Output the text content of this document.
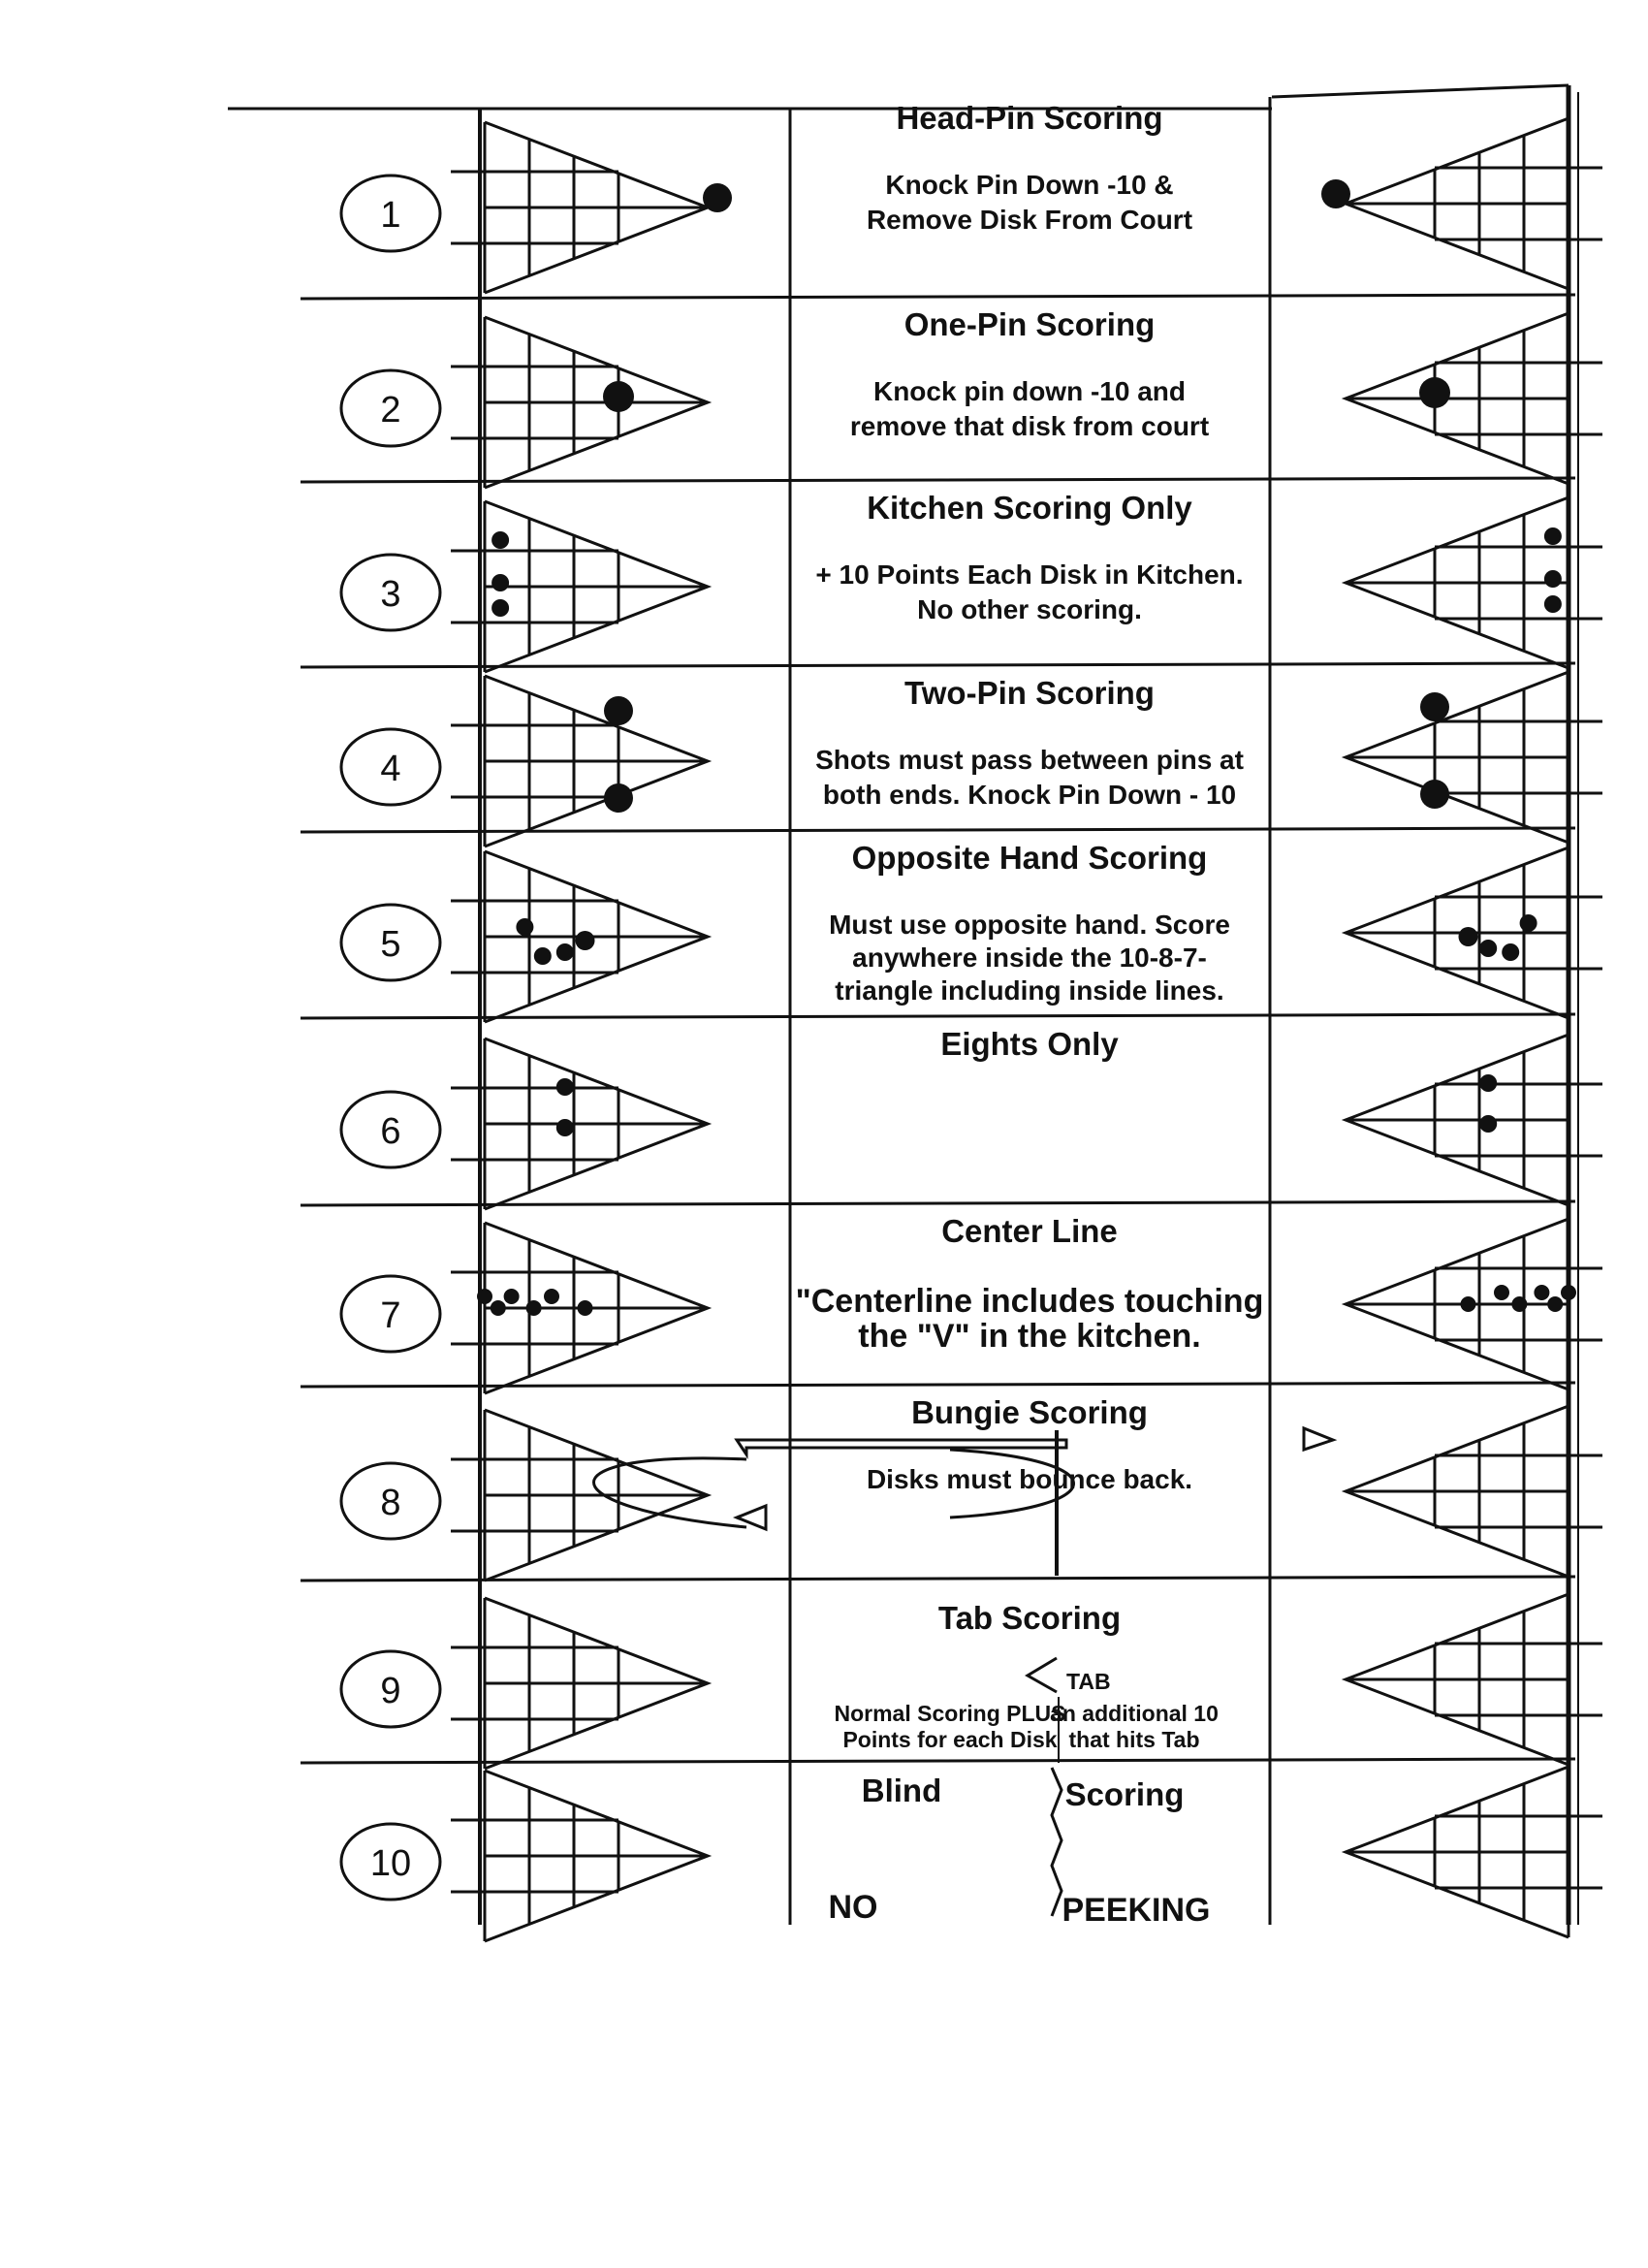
1
Head-Pin Scoring
Knock Pin Down -10 &
Remove Disk From Court
2
One-Pin Scoring
Knock pin down -10 and
remove that disk from court
3
Kitchen Scoring Only
+ 10 Points Each Disk in Kitchen.
No other scoring.
4
Two-Pin Scoring
Shots must pass between pins at
both ends. Knock Pin Down - 10
5
Opposite Hand Scoring
Must use opposite hand. Score
anywhere inside the 10-8-7-
triangle including inside lines.
6
Eights Only
7
Center Line
"Centerline includes touching
the "V" in the kitchen.
8
Bungie Scoring
Disks must bounce back.
9
Tab Scoring
TAB
Normal Scoring PLUS
Points for each Disk
an additional 10
that hits Tab
10
Blind	Scoring
NO	PEEKING
